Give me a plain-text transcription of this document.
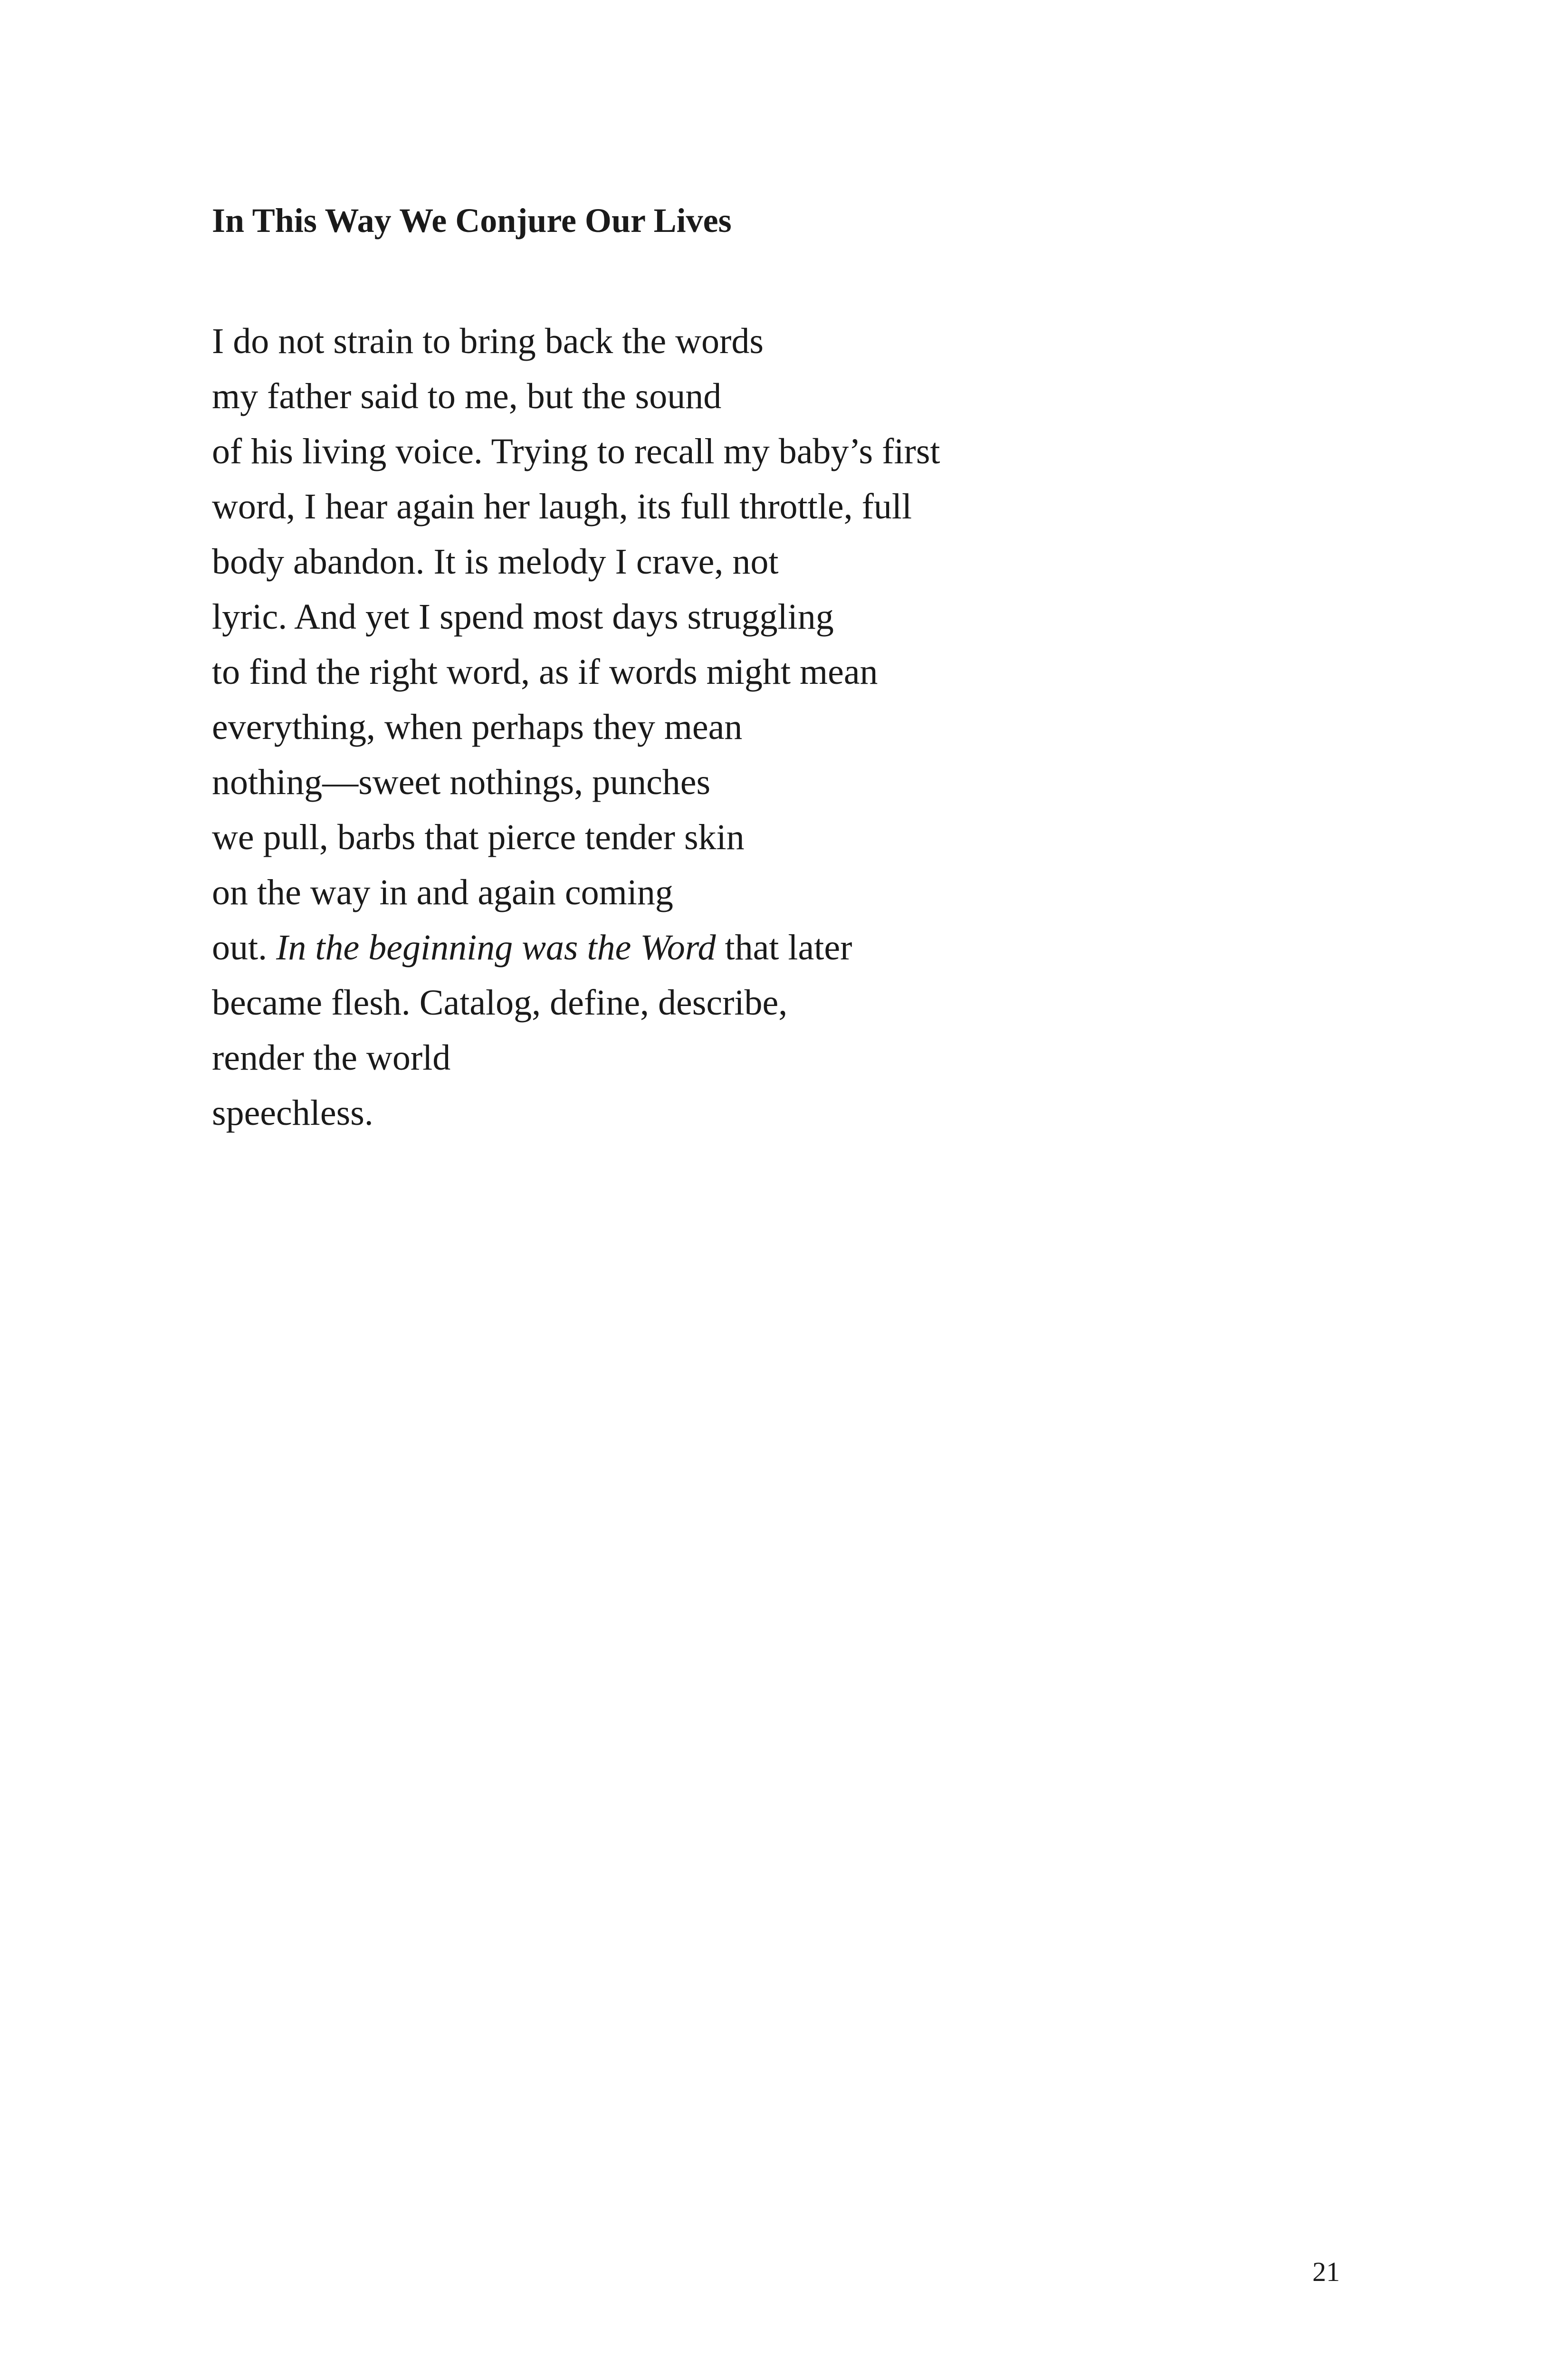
In This Way We Conjure Our Lives
I do not strain to bring back the words
my father said to me, but the sound
of his living voice. Trying to recall my baby’s first
word, I hear again her laugh, its full throttle, full
body abandon. It is melody I crave, not
lyric. And yet I spend most days struggling
to find the right word, as if words might mean
everything, when perhaps they mean
nothing—sweet nothings, punches
we pull, barbs that pierce tender skin
on the way in and again coming
out. In the beginning was the Word that later
became flesh. Catalog, define, describe,
render the world
speechless.
21
